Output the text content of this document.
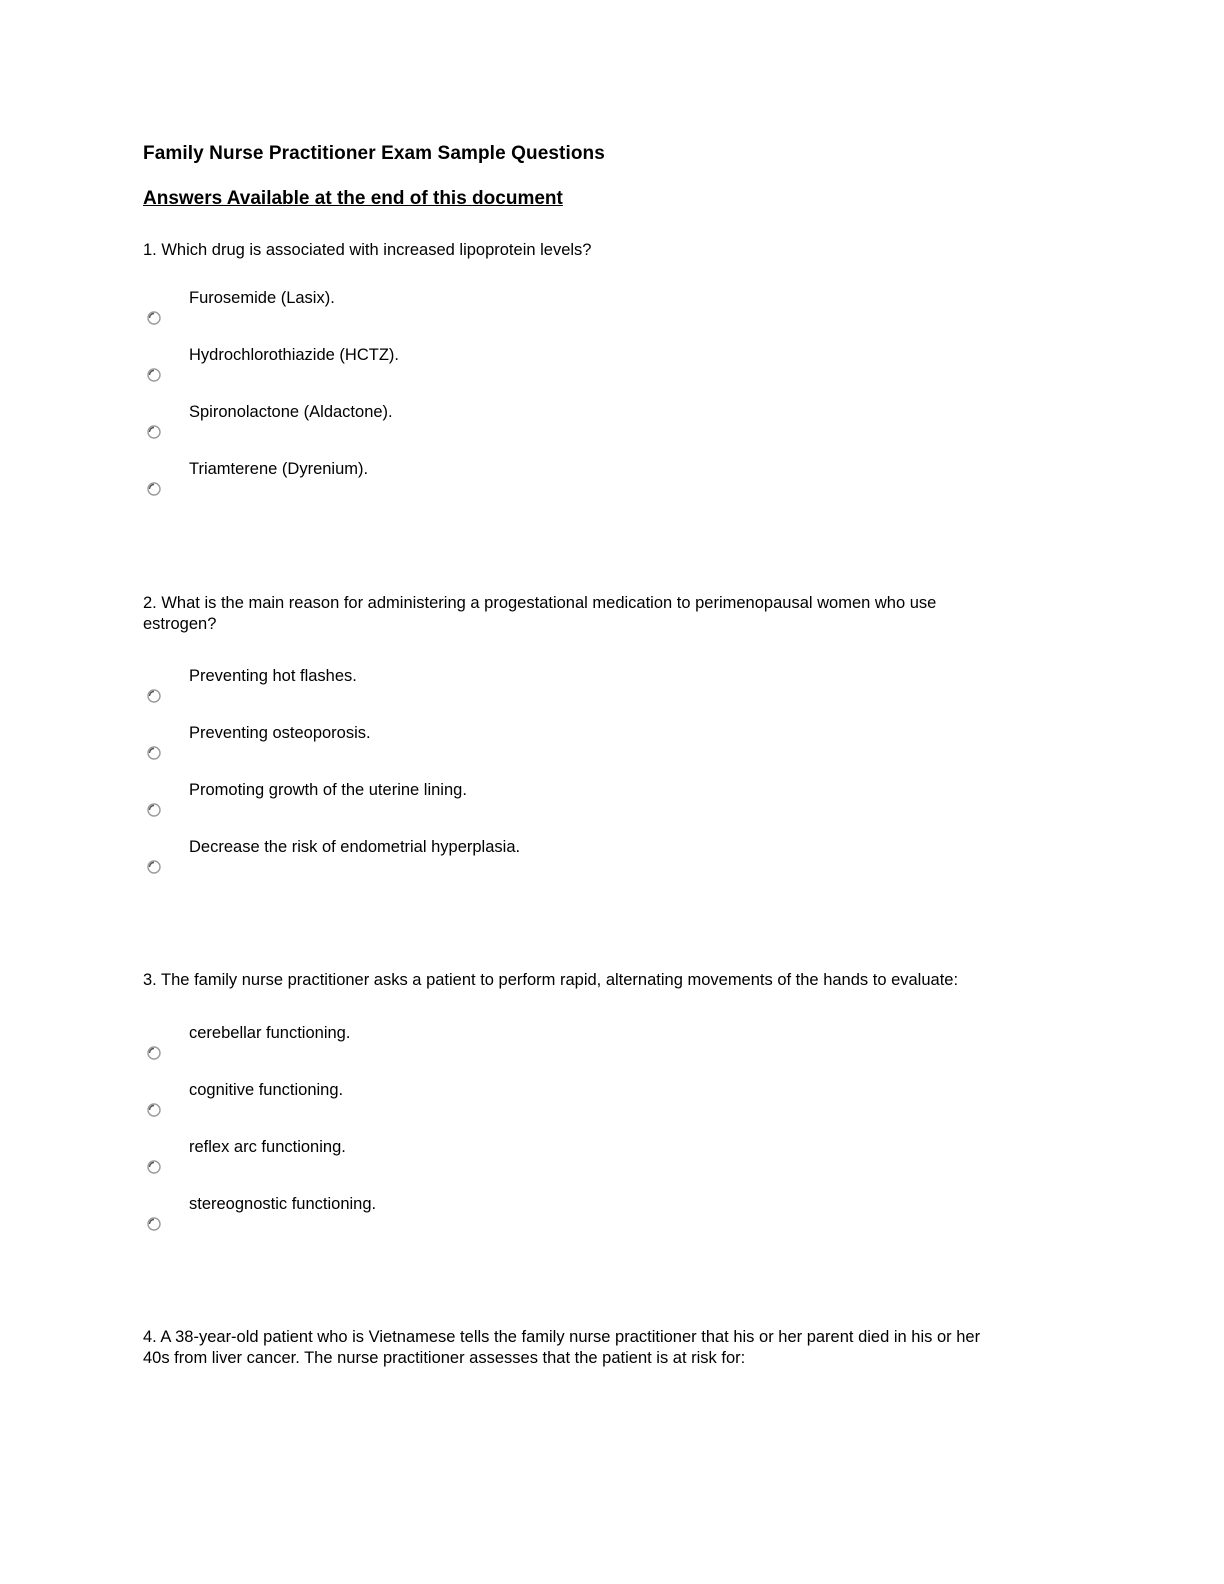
Family Nurse Practitioner Exam Sample Questions
Answers Available at the end of this document
1. Which drug is associated with increased lipoprotein levels?
Furosemide (Lasix).
Hydrochlorothiazide (HCTZ).
Spironolactone (Aldactone).
Triamterene (Dyrenium).
2. What is the main reason for administering a progestational medication to perimenopausal women who use
estrogen?
Preventing hot flashes.
Preventing osteoporosis.
Promoting growth of the uterine lining.
Decrease the risk of endometrial hyperplasia.
3. The family nurse practitioner asks a patient to perform rapid, alternating movements of the hands to evaluate:
cerebellar functioning.
cognitive functioning.
reflex arc functioning.
stereognostic functioning.
4. A 38-year-old patient who is Vietnamese tells the family nurse practitioner that his or her parent died in his or her
40s from liver cancer. The nurse practitioner assesses that the patient is at risk for:
